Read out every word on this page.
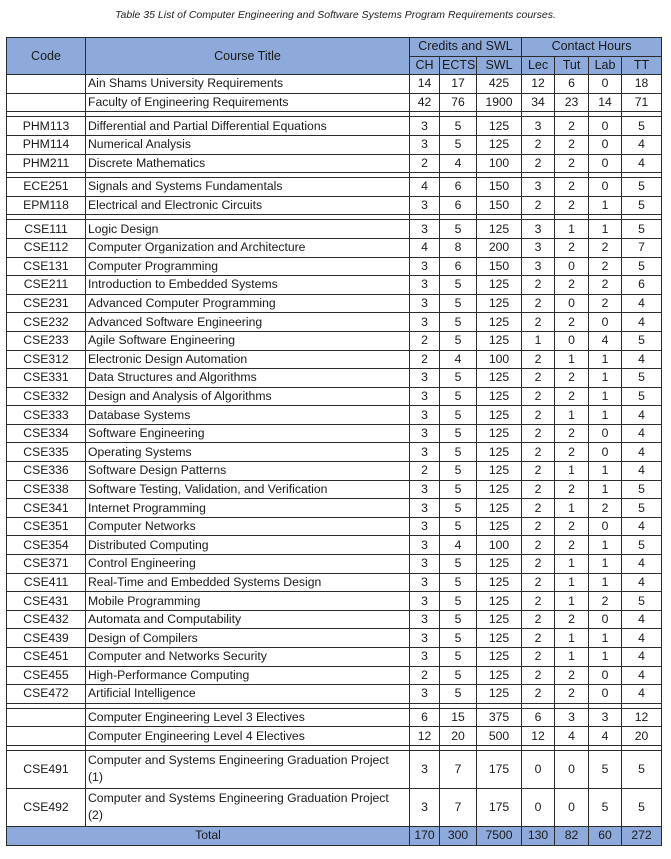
Table 35 List of Computer Engineering and Software Systems Program Requirements courses.
Code	Course Title	Credits and SWL			Contact Hours			
		CH	ECTS	SWL	Lec	Tut	Lab	TT
	Ain Shams University Requirements	14	17	425	12	6	0	18
	Faculty of Engineering Requirements	42	76	1900	34	23	14	71

PHM113	Differential and Partial Differential Equations	3	5	125	3	2	0	5
PHM114	Numerical Analysis	3	5	125	2	2	0	4
PHM211	Discrete Mathematics	2	4	100	2	2	0	4

ECE251	Signals and Systems Fundamentals	4	6	150	3	2	0	5
EPM118	Electrical and Electronic Circuits	3	6	150	2	2	1	5

CSE111	Logic Design	3	5	125	3	1	1	5
CSE112	Computer Organization and Architecture	4	8	200	3	2	2	7
CSE131	Computer Programming	3	6	150	3	0	2	5
CSE211	Introduction to Embedded Systems	3	5	125	2	2	2	6
CSE231	Advanced Computer Programming	3	5	125	2	0	2	4
CSE232	Advanced Software Engineering	3	5	125	2	2	0	4
CSE233	Agile Software Engineering	2	5	125	1	0	4	5
CSE312	Electronic Design Automation	2	4	100	2	1	1	4
CSE331	Data Structures and Algorithms	3	5	125	2	2	1	5
CSE332	Design and Analysis of Algorithms	3	5	125	2	2	1	5
CSE333	Database Systems	3	5	125	2	1	1	4
CSE334	Software Engineering	3	5	125	2	2	0	4
CSE335	Operating Systems	3	5	125	2	2	0	4
CSE336	Software Design Patterns	2	5	125	2	1	1	4
CSE338	Software Testing, Validation, and Verification	3	5	125	2	2	1	5
CSE341	Internet Programming	3	5	125	2	1	2	5
CSE351	Computer Networks	3	5	125	2	2	0	4
CSE354	Distributed Computing	3	4	100	2	2	1	5
CSE371	Control Engineering	3	5	125	2	1	1	4
CSE411	Real-Time and Embedded Systems Design	3	5	125	2	1	1	4
CSE431	Mobile Programming	3	5	125	2	1	2	5
CSE432	Automata and Computability	3	5	125	2	2	0	4
CSE439	Design of Compilers	3	5	125	2	1	1	4
CSE451	Computer and Networks Security	3	5	125	2	1	1	4
CSE455	High-Performance Computing	2	5	125	2	2	0	4
CSE472	Artificial Intelligence	3	5	125	2	2	0	4

	Computer Engineering Level 3 Electives	6	15	375	6	3	3	12
	Computer Engineering Level 4 Electives	12	20	500	12	4	4	20

CSE491	Computer and Systems Engineering Graduation Project (1)	3	7	175	0	0	5	5
CSE492	Computer and Systems Engineering Graduation Project (2)	3	7	175	0	0	5	5
Total		170	300	7500	130	82	60	272
